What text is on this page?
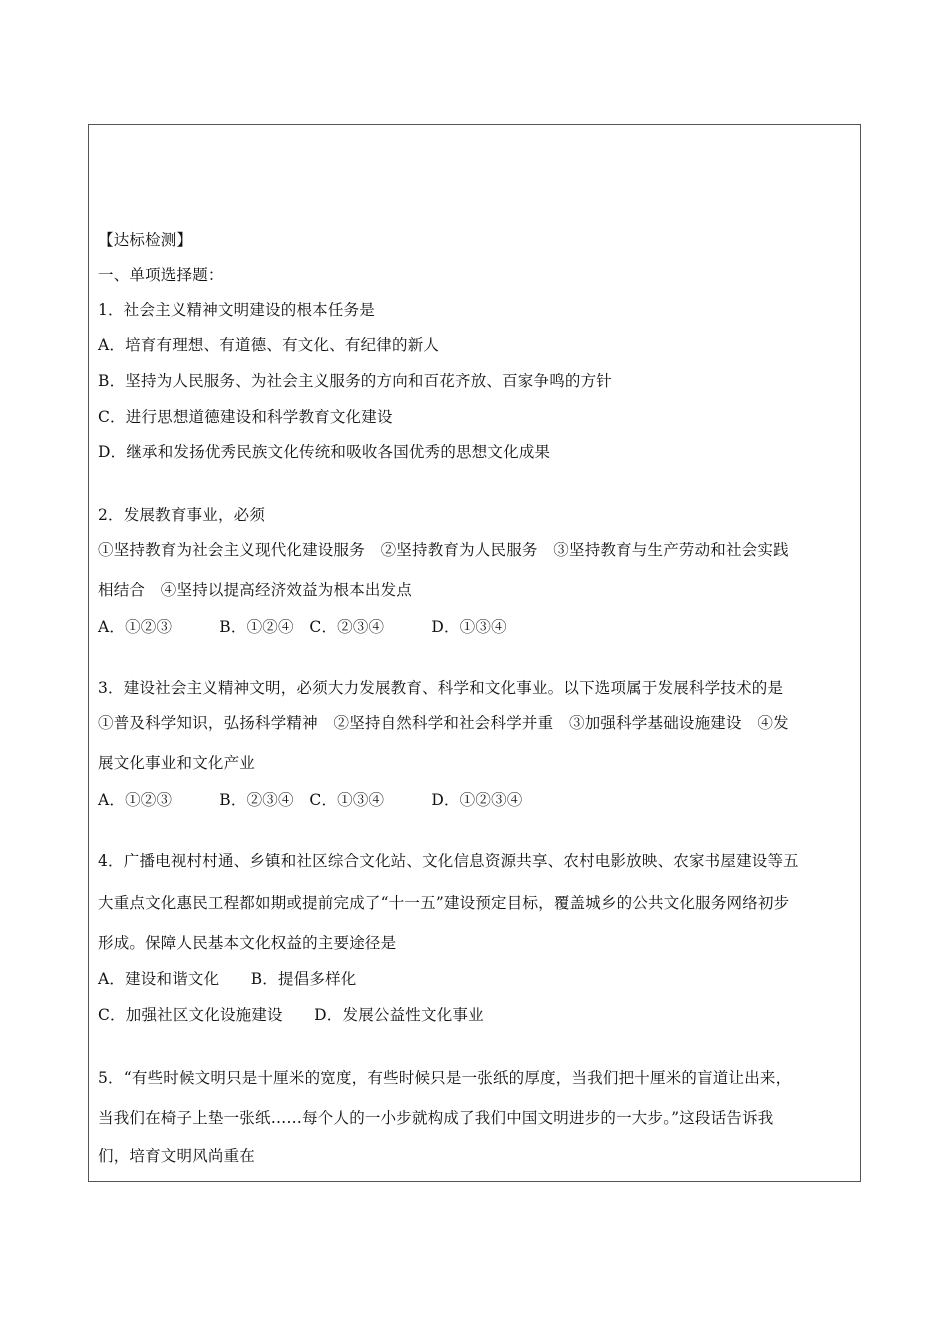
【达标检测】
一、单项选择题：
1．社会主义精神文明建设的根本任务是
A．培育有理想、有道德、有文化、有纪律的新人
B．坚持为人民服务、为社会主义服务的方向和百花齐放、百家争鸣的方针
C．进行思想道德建设和科学教育文化建设
D．继承和发扬优秀民族文化传统和吸收各国优秀的思想文化成果
2．发展教育事业，必须
①坚持教育为社会主义现代化建设服务　②坚持教育为人民服务　③坚持教育与生产劳动和社会实践
相结合　④坚持以提高经济效益为根本出发点
A．①②③　　　B．①②④　C．②③④　　　D．①③④
3．建设社会主义精神文明，必须大力发展教育、科学和文化事业。以下选项属于发展科学技术的是
①普及科学知识，弘扬科学精神　②坚持自然科学和社会科学并重　③加强科学基础设施建设　④发
展文化事业和文化产业
A．①②③　　　B．②③④　C．①③④　　　D．①②③④
4．广播电视村村通、乡镇和社区综合文化站、文化信息资源共享、农村电影放映、农家书屋建设等五
大重点文化惠民工程都如期或提前完成了“十一五”建设预定目标，覆盖城乡的公共文化服务网络初步
形成。保障人民基本文化权益的主要途径是
A．建设和谐文化　　B．提倡多样化
C．加强社区文化设施建设　　D．发展公益性文化事业
5．“有些时候文明只是十厘米的宽度，有些时候只是一张纸的厚度，当我们把十厘米的盲道让出来，
当我们在椅子上垫一张纸……每个人的一小步就构成了我们中国文明进步的一大步。”这段话告诉我
们，培育文明风尚重在
